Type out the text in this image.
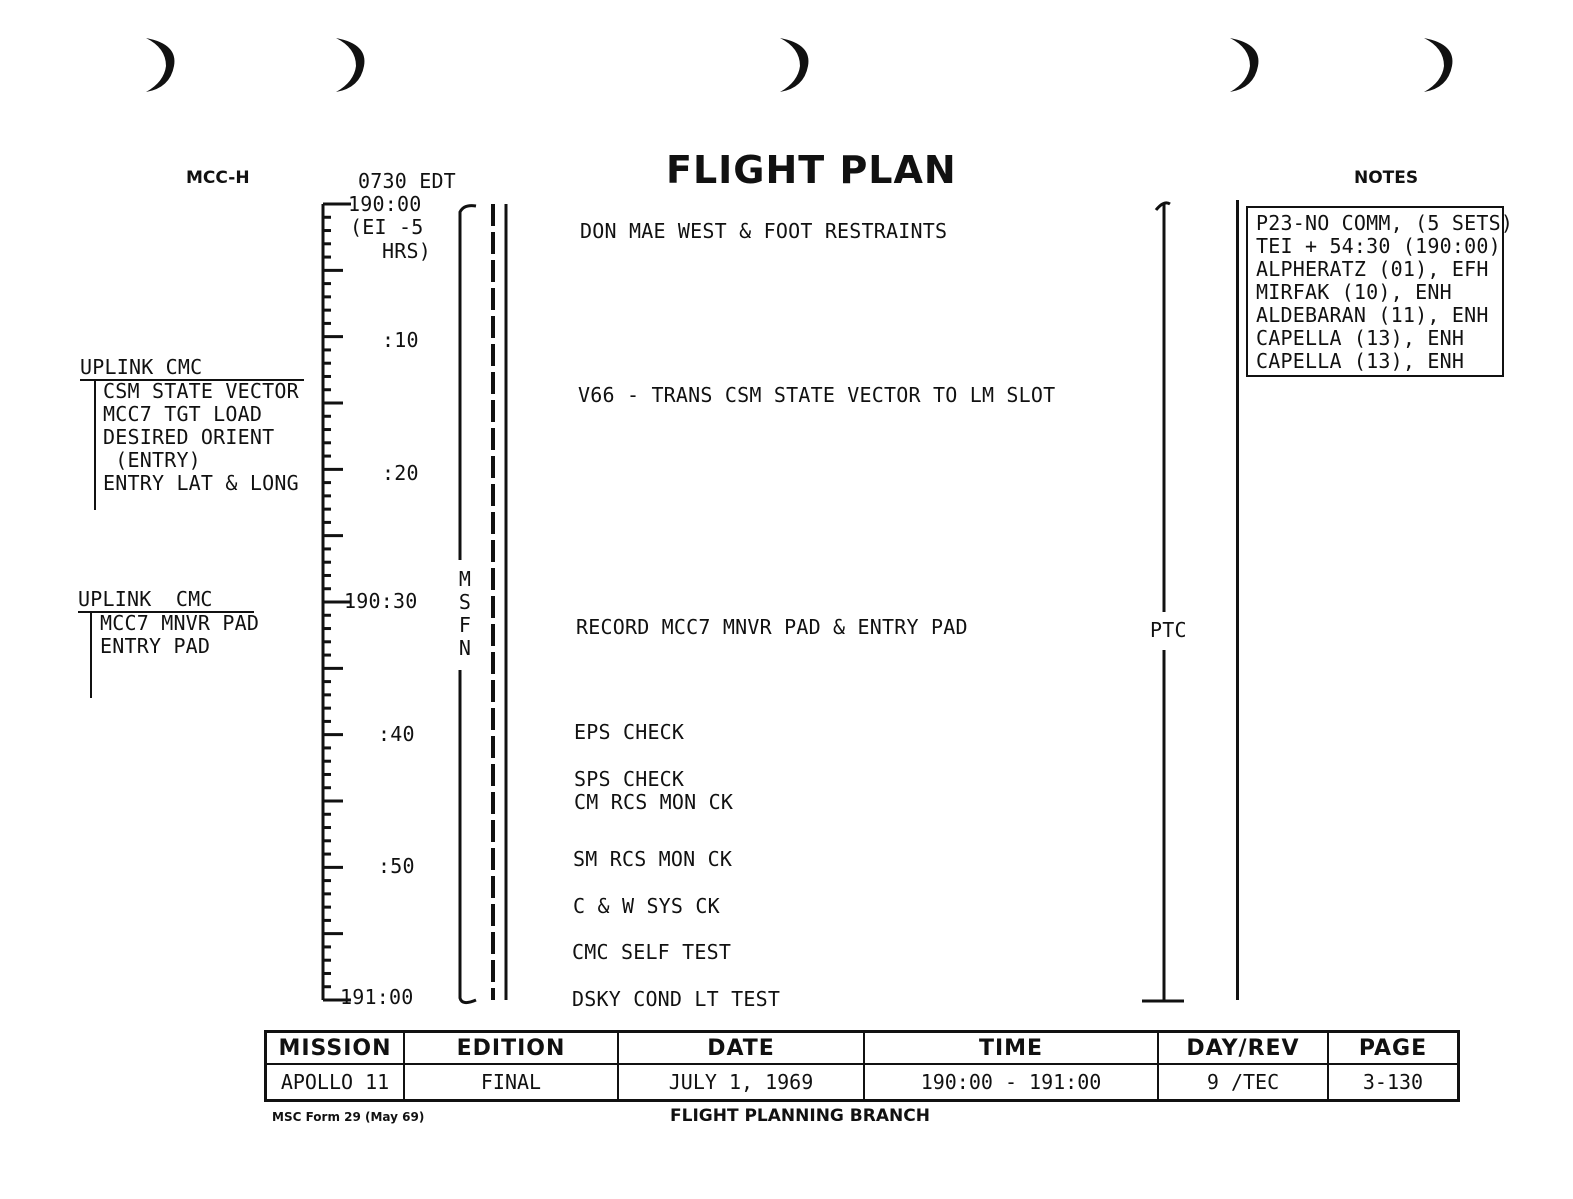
MCC-H	FLIGHT PLAN	NOTES
0730 EDT
190:00
(EI -5
HRS)
:10
:20
190:30
:40
:50
191:00
MSFN
UPLINK CMC
CSM STATE VECTOR
MCC7 TGT LOAD
DESIRED ORIENT
(ENTRY)
ENTRY LAT & LONG
UPLINK  CMC
MCC7 MNVR PAD
ENTRY PAD
DON MAE WEST & FOOT RESTRAINTS
V66 - TRANS CSM STATE VECTOR TO LM SLOT
RECORD MCC7 MNVR PAD & ENTRY PAD
EPS CHECK
SPS CHECK
CM RCS MON CK
SM RCS MON CK
C & W SYS CK
CMC SELF TEST
DSKY COND LT TEST
PTC
P23-NO COMM, (5 SETS)
TEI + 54:30 (190:00)
ALPHERATZ (01), EFH
MIRFAK (10), ENH
ALDEBARAN (11), ENH
CAPELLA (13), ENH
CAPELLA (13), ENH
MISSION	EDITION	DATE	TIME	DAY/REV	PAGE
APOLLO 11	FINAL	JULY 1, 1969	190:00 - 191:00	9 /TEC	3-130
MSC Form 29 (May 69)	FLIGHT PLANNING BRANCH
